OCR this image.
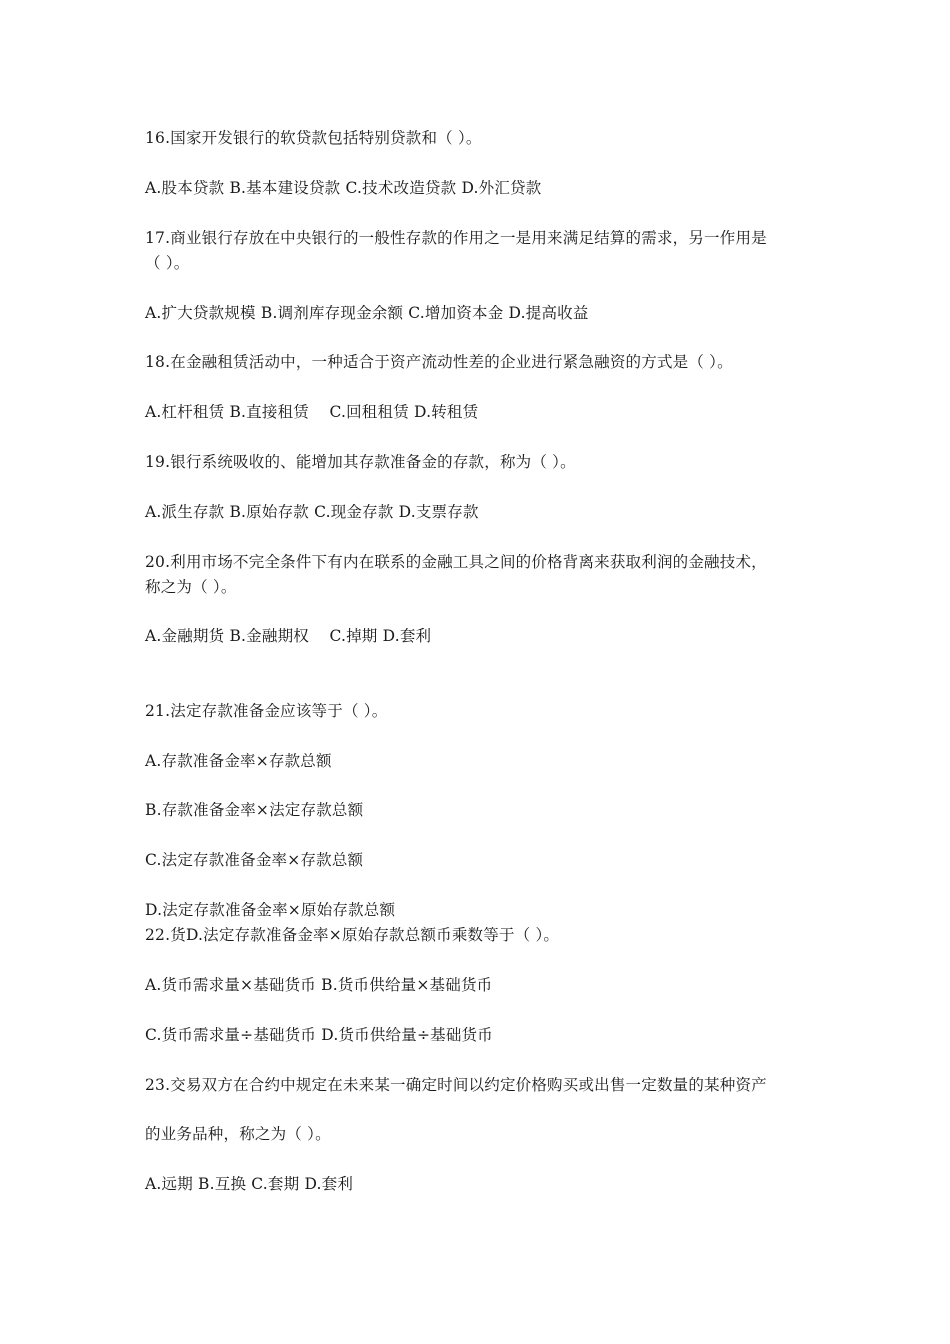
16.国家开发银行的软贷款包括特别贷款和（ ）。
A.股本贷款 B.基本建设贷款 C.技术改造贷款 D.外汇贷款
17.商业银行存放在中央银行的一般性存款的作用之一是用来满足结算的需求，另一作用是
（ ）。
A.扩大贷款规模 B.调剂库存现金余额 C.增加资本金 D.提高收益
18.在金融租赁活动中，一种适合于资产流动性差的企业进行紧急融资的方式是（ ）。
A.杠杆租赁 B.直接租赁    C.回租租赁 D.转租赁
19.银行系统吸收的、能增加其存款准备金的存款，称为（ ）。
A.派生存款 B.原始存款 C.现金存款 D.支票存款
20.利用市场不完全条件下有内在联系的金融工具之间的价格背离来获取利润的金融技术，
称之为（ ）。
A.金融期货 B.金融期权    C.掉期 D.套利
21.法定存款准备金应该等于（ ）。
A.存款准备金率×存款总额
B.存款准备金率×法定存款总额
C.法定存款准备金率×存款总额
D.法定存款准备金率×原始存款总额
22.货D.法定存款准备金率×原始存款总额币乘数等于（ ）。
A.货币需求量×基础货币 B.货币供给量×基础货币
C.货币需求量÷基础货币 D.货币供给量÷基础货币
23.交易双方在合约中规定在未来某一确定时间以约定价格购买或出售一定数量的某种资产
的业务品种，称之为（ ）。
A.远期 B.互换 C.套期 D.套利
